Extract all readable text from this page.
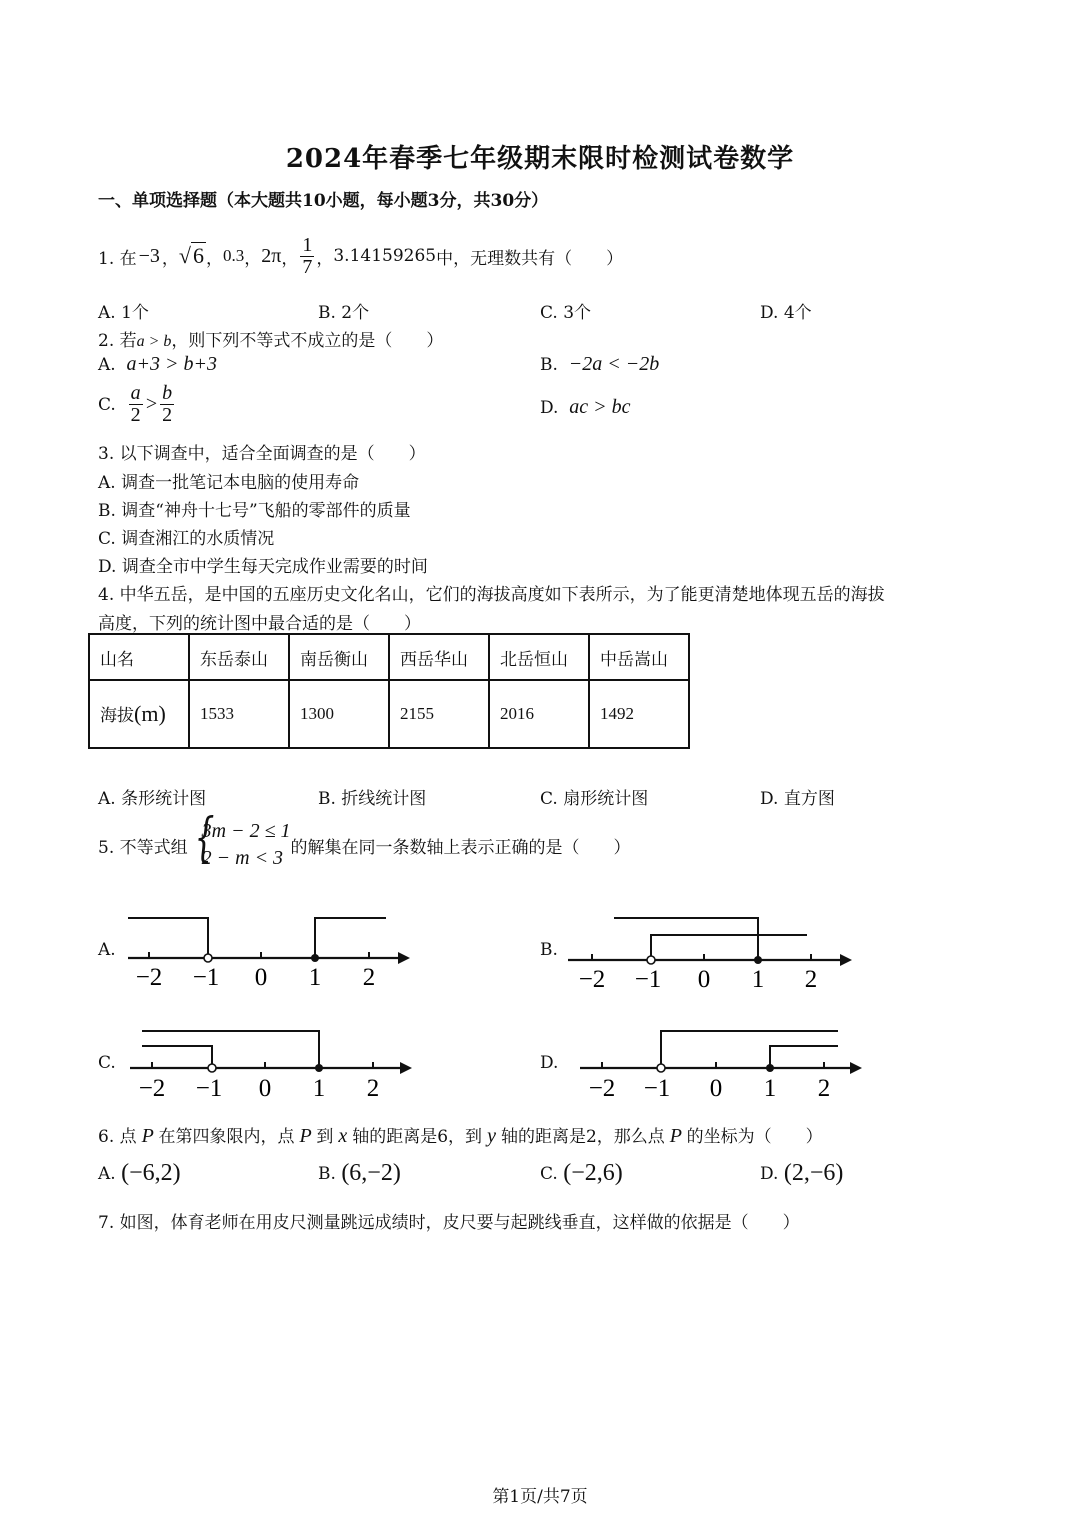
2024年春季七年级期末限时检测试卷数学
一、单项选择题（本大题共10小题，每小题3分，共30分）
1. 在 −3 ， √6 ， 0.3 ， 2π ， $\frac{1}{7}$ ， 3.14159265 中，无理数共有（　　）
A. 1个	B. 2个	C. 3个	D. 4个
2. 若a > b，则下列不等式不成立的是（　　）
A. a+3 > b+3	B. −2a < −2b
C.
$\frac{a}{2} > \frac{b}{2}$	D. ac > bc
3. 以下调查中，适合全面调查的是（　　）
A. 调查一批笔记本电脑的使用寿命
B. 调查“神舟十七号”飞船的零部件的质量
C. 调查湘江的水质情况
D. 调查全市中学生每天完成作业需要的时间
4. 中华五岳，是中国的五座历史文化名山，它们的海拔高度如下表所示，为了能更清楚地体现五岳的海拔
高度，下列的统计图中最合适的是（　　）
山名	东岳泰山	南岳衡山	西岳华山	北岳恒山	中岳嵩山
海拔(m)	1533	1300	2155	2016	1492
A. 条形统计图	B. 折线统计图	C. 扇形统计图	D. 直方图
5. 不等式组 {
3m − 2 ≤ 1
2 − m < 3 的解集在同一条数轴上表示正确的是（　　）
A.	B.
C.	D.
−2 −1 0 1 2	−2 −1 0 1 2
−2 −1 0 1 2	−2 −1 0 1 2
6. 点 P 在第四象限内，点 P 到 x 轴的距离是6，到 y 轴的距离是2，那么点 P 的坐标为（　　）
A.
(−6,2)	B.
(6,−2)	C.
(−2,6)	D.
(2,−6)
7. 如图，体育老师在用皮尺测量跳远成绩时，皮尺要与起跳线垂直，这样做的依据是（　　）
第1页/共7页
